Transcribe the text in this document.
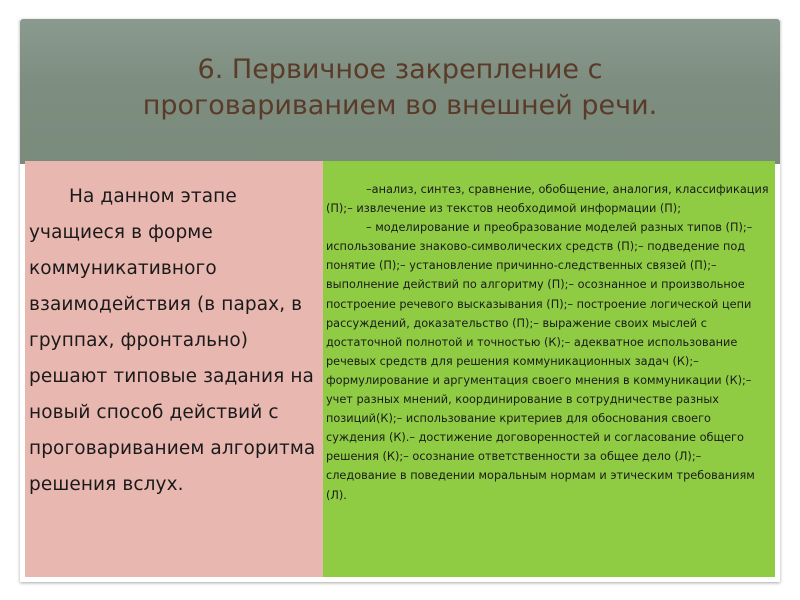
6. Первичное закрепление с
проговариванием во внешней речи.

На данном этапе учащиеся в форме коммуникативного взаимодействия (в парах, в группах, фронтально) решают типовые задания на новый способ действий с проговариванием алгоритма решения вслух.

–анализ, синтез, сравнение, обобщение, аналогия, классификация (П);– извлечение из текстов необходимой информации (П);

– моделирование и преобразование моделей разных типов (П);– использование знаково-символических средств (П);– подведение под понятие (П);– установление причинно-следственных связей (П);– выполнение действий по алгоритму (П);– осознанное и произвольное построение речевого высказывания (П);– построение логической цепи рассуждений, доказательство (П);– выражение своих мыслей с достаточной полнотой и точностью (К);– адекватное использование речевых средств для решения коммуникационных задач (К);– формулирование и аргументация своего мнения в коммуникации (К);– учет разных мнений, координирование в сотрудничестве разных позиций(К);– использование критериев для обоснования своего суждения (К).– достижение договоренностей и согласование общего решения (К);– осознание ответственности за общее дело (Л);– следование в поведении моральным нормам и этическим требованиям (Л).
